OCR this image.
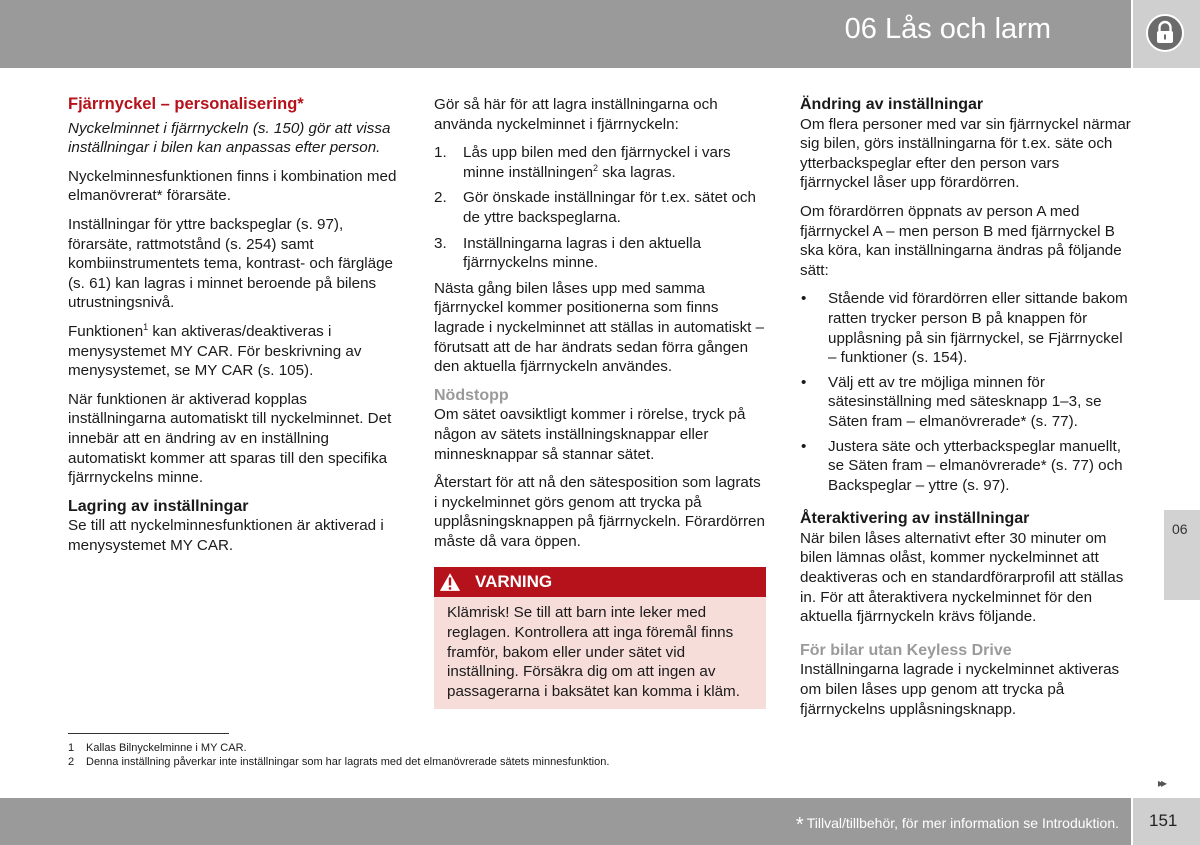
06 Lås och larm

Fjärrnyckel – personalisering*

Nyckelminnet i fjärrnyckeln (s. 150) gör att vissa inställningar i bilen kan anpassas efter person.

Nyckelminnesfunktionen finns i kombination med elmanövrerat* förarsäte.

Inställningar för yttre backspeglar (s. 97), förarsäte, rattmotstånd (s. 254) samt kombiinstrumentets tema, kontrast- och färgläge (s. 61) kan lagras i minnet beroende på bilens utrustningsnivå.

Funktionen$^1$ kan aktiveras/deaktiveras i menysystemet MY CAR. För beskrivning av menysystemet, se MY CAR (s. 105).

När funktionen är aktiverad kopplas inställningarna automatiskt till nyckelminnet. Det innebär att en ändring av en inställning automatiskt kommer att sparas till den specifika fjärrnyckelns minne.

Lagring av inställningar

Se till att nyckelminnesfunktionen är aktiverad i menysystemet MY CAR.

Gör så här för att lagra inställningarna och använda nyckelminnet i fjärrnyckeln:

1. Lås upp bilen med den fjärrnyckel i vars minne inställningen$^2$ ska lagras.
2. Gör önskade inställningar för t.ex. sätet och de yttre backspeglarna.
3. Inställningarna lagras i den aktuella fjärrnyckelns minne.

Nästa gång bilen låses upp med samma fjärrnyckel kommer positionerna som finns lagrade i nyckelminnet att ställas in automatiskt – förutsatt att de har ändrats sedan förra gången den aktuella fjärrnyckeln användes.

Nödstopp

Om sätet oavsiktligt kommer i rörelse, tryck på någon av sätets inställningsknappar eller minnesknappar så stannar sätet.

Återstart för att nå den sätesposition som lagrats i nyckelminnet görs genom att trycka på upplåsningsknappen på fjärrnyckeln. Förardörren måste då vara öppen.

VARNING
Klämrisk! Se till att barn inte leker med reglagen. Kontrollera att inga föremål finns framför, bakom eller under sätet vid inställning. Försäkra dig om att ingen av passagerarna i baksätet kan komma i kläm.

Ändring av inställningar

Om flera personer med var sin fjärrnyckel närmar sig bilen, görs inställningarna för t.ex. säte och ytterbackspeglar efter den person vars fjärrnyckel låser upp förardörren.

Om förardörren öppnats av person A med fjärrnyckel A – men person B med fjärrnyckel B ska köra, kan inställningarna ändras på följande sätt:

• Stående vid förardörren eller sittande bakom ratten trycker person B på knappen för upplåsning på sin fjärrnyckel, se Fjärrnyckel – funktioner (s. 154).
• Välj ett av tre möjliga minnen för sätesinställning med sätesknapp 1–3, se Säten fram – elmanövrerade* (s. 77).
• Justera säte och ytterbackspeglar manuellt, se Säten fram – elmanövrerade* (s. 77) och Backspeglar – yttre (s. 97).

Återaktivering av inställningar

När bilen låses alternativt efter 30 minuter om bilen lämnas olåst, kommer nyckelminnet att deaktiveras och en standardförarprofil att ställas in. För att återaktivera nyckelminnet för den aktuella fjärrnyckeln krävs följande.

För bilar utan Keyless Drive

Inställningarna lagrade i nyckelminnet aktiveras om bilen låses upp genom att trycka på fjärrnyckelns upplåsningsknapp.

1 Kallas Bilnyckelminne i MY CAR.
2 Denna inställning påverkar inte inställningar som har lagrats med det elmanövrerade sätets minnesfunktion.
06
▸▸
* Tillval/tillbehör, för mer information se Introduktion. 151
